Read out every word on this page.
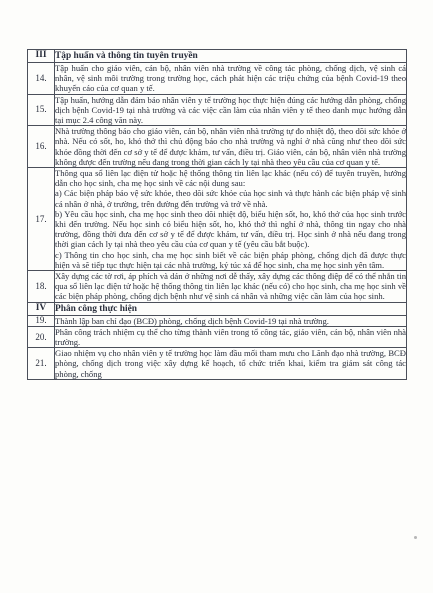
III	Tập huấn và thông tin tuyên truyền

14.	Tập huấn cho giáo viên, cán bộ, nhân viên nhà trường về công tác phòng, chống dịch, vệ sinh cá nhân, vệ sinh môi trường trong trường học, cách phát hiện các triệu chứng của bệnh Covid-19 theo khuyến cáo của cơ quan y tế.

15.	Tập huấn, hướng dẫn đảm bảo nhân viên y tế trường học thực hiện đúng các hướng dẫn phòng, chống dịch bệnh Covid-19 tại nhà trường và các việc cần làm của nhân viên y tế theo danh mục hướng dẫn tại mục 2.4 công văn này.

16.	Nhà trường thông báo cho giáo viên, cán bộ, nhân viên nhà trường tự đo nhiệt độ, theo dõi sức khỏe ở nhà. Nếu có sốt, ho, khó thở thì chủ động báo cho nhà trường và nghỉ ở nhà cũng như theo dõi sức khỏe đồng thời đến cơ sở y tế để được khám, tư vấn, điều trị. Giáo viên, cán bộ, nhân viên nhà trường không được đến trường nếu đang trong thời gian cách ly tại nhà theo yêu cầu của cơ quan y tế.

17.	Thông qua sổ liên lạc điện tử hoặc hệ thống thông tin liên lạc khác (nếu có) để tuyên truyền, hướng dẫn cho học sinh, cha mẹ học sinh về các nội dung sau:
a) Các biện pháp bảo vệ sức khỏe, theo dõi sức khỏe của học sinh và thực hành các biện pháp vệ sinh cá nhân ở nhà, ở trường, trên đường đến trường và trở về nhà.
b) Yêu cầu học sinh, cha mẹ học sinh theo dõi nhiệt độ, biểu hiện sốt, ho, khó thở của học sinh trước khi đến trường. Nếu học sinh có biểu hiện sốt, ho, khó thở thì nghỉ ở nhà, thông tin ngay cho nhà trường, đồng thời đưa đến cơ sở y tế để được khám, tư vấn, điều trị. Học sinh ở nhà nếu đang trong thời gian cách ly tại nhà theo yêu cầu của cơ quan y tế (yêu cầu bắt buộc).
c) Thông tin cho học sinh, cha mẹ học sinh biết về các biện pháp phòng, chống dịch đã được thực hiện và sẽ tiếp tục thực hiện tại các nhà trường, ký túc xá để học sinh, cha mẹ học sinh yên tâm.

18.	Xây dựng các tờ rơi, áp phích và dán ở những nơi dễ thấy, xây dựng các thông điệp để có thể nhắn tin qua sổ liên lạc điện tử hoặc hệ thống thông tin liên lạc khác (nếu có) cho học sinh, cha mẹ học sinh về các biện pháp phòng, chống dịch bệnh như vệ sinh cá nhân và những việc cần làm của học sinh.

IV	Phân công thực hiện

19.	Thành lập ban chỉ đạo (BCĐ) phòng, chống dịch bệnh Covid-19 tại nhà trường.

20.	Phân công trách nhiệm cụ thể cho từng thành viên trong tổ công tác, giáo viên, cán bộ, nhân viên nhà trường.

21.	Giao nhiệm vụ cho nhân viên y tế trường học làm đầu mối tham mưu cho Lãnh đạo nhà trường, BCĐ phòng, chống dịch trong việc xây dựng kế hoạch, tổ chức triển khai, kiểm tra giám sát công tác phòng, chống
